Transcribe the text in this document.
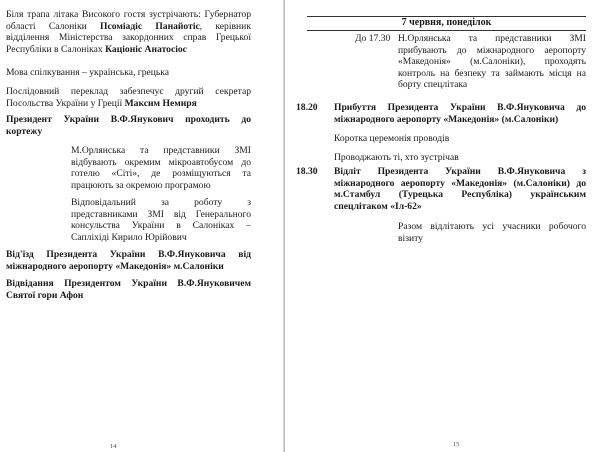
Біля трапа літака Високого гостя зустрічають: Губернатор області Салоніки Псоміадіс Панайотіс, керівник відділення Міністерства закордонних справ Грецької Республіки в Салоніках Каціоніс Анатосіос
Мова спілкування – українська, грецька
Послідовний переклад забезпечує другий секретар Посольства України у Греції Максим Немиря
Президент України В.Ф.Янукович проходить до кортежу
М.Орлянська та представники ЗМІ відбувають окремим мікроавтобусом до готелю «Сіті», де розміщуються та працюють за окремою програмою
Відповідальний за роботу з представниками ЗМІ від Генерального консульства України в Салоніках – Сапліхіді Кирило Юрійович
Від'їзд Президента України В.Ф.Януковича від міжнародного аеропорту «Македонія» м.Салоніки
Відвідання Президентом України В.Ф.Януковичем Святої гори Афон
14
7 червня, понеділок
До 17.30 Н.Орлянська та представники ЗМІ прибувають до міжнародного аеропорту «Македонія» (м.Салоніки), проходять контроль на безпеку та займають місця на борту спецлітака
18.20 Прибуття Президента України В.Ф.Януковича до міжнародного аеропорту «Македонія» (м.Салоніки)
Коротка церемонія проводів
Проводжають ті, хто зустрічав
18.30 Відліт Президента України В.Ф.Януковича з міжнародного аеропорту «Македонія» (м.Салоніки) до м.Стамбул (Турецька Республіка) українським спецлітаком «Іл-62»
Разом відлітають усі учасники робочого візиту
15
